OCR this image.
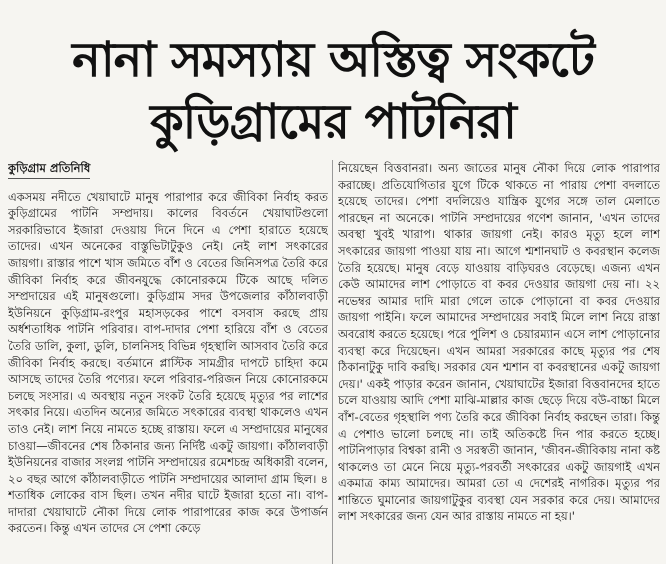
নানা সমস্যায় অস্তিত্ব সংকটে
কুড়িগ্রামের পাটনিরা
কুড়িগ্রাম প্রতিনিধি

একসময় নদীতে খেয়াঘাটে মানুষ পারাপার করে জীবিকা নির্বাহ করত কুড়িগ্রামের পাটনি সম্প্রদায়। কালের বিবর্তনে খেয়াঘাটগুলো সরকারিভাবে ইজারা দেওয়ায় দিনে দিনে এ পেশা হারাতে হয়েছে তাদের। এখন অনেকের বাস্তুভিটাটুকুও নেই। নেই লাশ সৎকারের জায়গা। রাস্তার পাশে খাস জমিতে বাঁশ ও বেতের জিনিসপত্র তৈরি করে জীবিকা নির্বাহ করে জীবনযুদ্ধে কোনোরকমে টিকে আছে দলিত সম্প্রদায়ের এই মানুষগুলো। কুড়িগ্রাম সদর উপজেলার কাঁঠালবাড়ী ইউনিয়নে কুড়িগ্রাম-রংপুর মহাসড়কের পাশে বসবাস করছে প্রায় অর্ধশতাধিক পাটনি পরিবার। বাপ-দাদার পেশা হারিয়ে বাঁশ ও বেতের তৈরি ডালি, কুলা, ডুলি, চালনিসহ বিভিন্ন গৃহস্থালি আসবাব তৈরি করে জীবিকা নির্বাহ করছে। বর্তমানে প্লাস্টিক সামগ্রীর দাপটে চাহিদা কমে আসছে তাদের তৈরি পণ্যের। ফলে পরিবার-পরিজন নিয়ে কোনোরকমে চলছে সংসার। এ অবস্থায় নতুন সংকট তৈরি হয়েছে মৃত্যুর পর লাশের সৎকার নিয়ে। এতদিন অন্যের জমিতে সৎকারের ব্যবস্থা থাকলেও এখন তাও নেই। লাশ নিয়ে নামতে হচ্ছে রাস্তায়। ফলে এ সম্প্রদায়ের মানুষের চাওয়া—জীবনের শেষ ঠিকানার জন্য নির্দিষ্ট একটু জায়গা। কাঁঠালবাড়ী ইউনিয়নের বাজার সংলগ্ন পাটনি সম্প্রদায়ের রমেশচন্দ্র অধিকারী বলেন, ২০ বছর আগে কাঁঠালবাড়ীতে পাটনি সম্প্রদায়ের আলাদা গ্রাম ছিল। ৪ শতাধিক লোকের বাস ছিল। তখন নদীর ঘাটে ইজারা হতো না। বাপ-দাদারা খেয়াঘাটে নৌকা দিয়ে লোক পারাপারের কাজ করে উপার্জন করতেন। কিন্তু এখন তাদের সে পেশা কেড়ে

নিয়েছেন বিত্তবানরা। অন্য জাতের মানুষ নৌকা দিয়ে লোক পারাপার করাচ্ছে। প্রতিযোগিতার যুগে টিকে থাকতে না পারায় পেশা বদলাতে হয়েছে তাদের। পেশা বদলিয়েও যান্ত্রিক যুগের সঙ্গে তাল মেলাতে পারছেন না অনেকে। পাটনি সম্প্রদায়ের গণেশ জানান, 'এখন তাদের অবস্থা খুবই খারাপ। থাকার জায়গা নেই। কারও মৃত্যু হলে লাশ সৎকারের জায়গা পাওয়া যায় না। আগে শ্মশানঘাট ও কবরস্থান কলেজ তৈরি হয়েছে। মানুষ বেড়ে যাওয়ায় বাড়িঘরও বেড়েছে। এজন্য এখন কেউ আমাদের লাশ পোড়াতে বা কবর দেওয়ার জায়গা দেয় না। ২২ নভেম্বর আমার দাদি মারা গেলে তাকে পোড়ানো বা কবর দেওয়ার জায়গা পাইনি। ফলে আমাদের সম্প্রদায়ের সবাই মিলে লাশ নিয়ে রাস্তা অবরোধ করতে হয়েছে। পরে পুলিশ ও চেয়ারম্যান এসে লাশ পোড়ানোর ব্যবস্থা করে দিয়েছেন। এখন আমরা সরকারের কাছে মৃত্যুর পর শেষ ঠিকানাটুকু দাবি করছি। সরকার যেন শ্মশান বা কবরস্থানের একটু জায়গা দেয়।' একই পাড়ার করেন জানান, খেয়াঘাটের ইজারা বিত্তবানদের হাতে চলে যাওয়ায় আদি পেশা মাঝি-মাল্লার কাজ ছেড়ে দিয়ে বউ-বাচ্চা মিলে বাঁশ-বেতের গৃহস্থালি পণ্য তৈরি করে জীবিকা নির্বাহ করছেন তারা। কিন্তু এ পেশাও ভালো চলছে না। তাই অতিকষ্টে দিন পার করতে হচ্ছে। পাটনিপাড়ার বিশ্বকা রানী ও সরস্বতী জানান, 'জীবন-জীবিকায় নানা কষ্ট থাকলেও তা মেনে নিয়ে মৃত্যু-পরবর্তী সৎকারের একটু জায়গাই এখন একমাত্র কাম্য আমাদের। আমরা তো এ দেশেরই নাগরিক। মৃত্যুর পর শান্তিতে ঘুমানোর জায়গাটুকুর ব্যবস্থা যেন সরকার করে দেয়। আমাদের লাশ সৎকারের জন্য যেন আর রাস্তায় নামতে না হয়।'
